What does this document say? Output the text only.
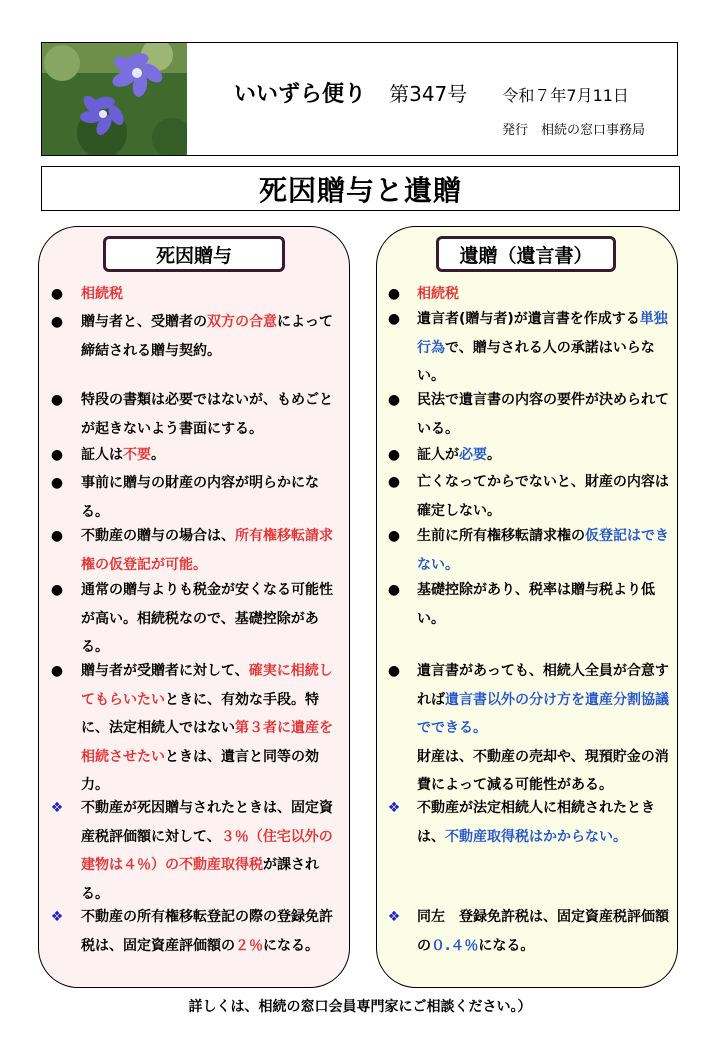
いいずら便り 第347号 令和７年7月11日
発行　相続の窓口事務局
死因贈与と遺贈
死因贈与	遺贈（遺言書）
● 相続税
● 贈与者と、受贈者の双方の合意によって締結される贈与契約。
● 特段の書類は必要ではないが、もめごとが起きないよう書面にする。
● 証人は不要。
● 事前に贈与の財産の内容が明らかになる。
● 不動産の贈与の場合は、所有権移転請求権の仮登記が可能。
● 通常の贈与よりも税金が安くなる可能性が高い。相続税なので、基礎控除がある。
● 贈与者が受贈者に対して、確実に相続してもらいたいときに、有効な手段。特に、法定相続人ではない第３者に遺産を相続させたいときは、遺言と同等の効力。
❖ 不動産が死因贈与されたときは、固定資産税評価額に対して、３％（住宅以外の建物は４％）の不動産取得税が課される。
❖ 不動産の所有権移転登記の際の登録免許税は、固定資産評価額の２％になる。
● 相続税
● 遺言者(贈与者)が遺言書を作成する単独行為で、贈与される人の承諾はいらない。
● 民法で遺言書の内容の要件が決められている。
● 証人が必要。
● 亡くなってからでないと、財産の内容は確定しない。
● 生前に所有権移転請求権の仮登記はできない。
● 基礎控除があり、税率は贈与税より低い。
● 遺言書があっても、相続人全員が合意すれば遺言書以外の分け方を遺産分割協議でできる。
財産は、不動産の売却や、現預貯金の消費によって減る可能性がある。
❖ 不動産が法定相続人に相続されたときは、不動産取得税はかからない。
❖ 同左　登録免許税は、固定資産税評価額の０.４％になる。
詳しくは、相続の窓口会員専門家にご相談ください。）
